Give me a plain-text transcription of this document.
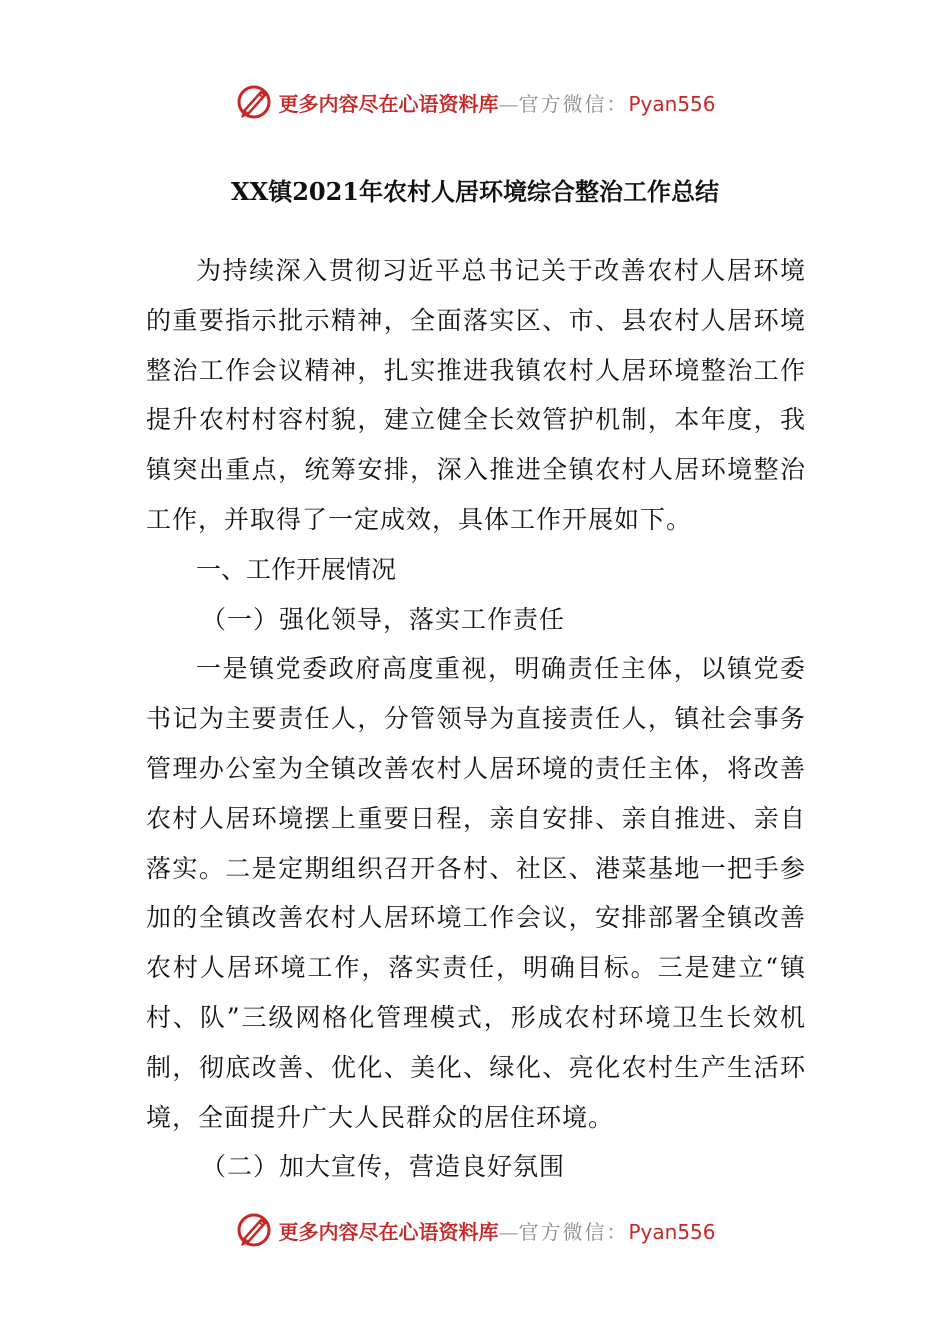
更多内容尽在心语资料库—官方微信：Pyan556
XX镇2021年农村人居环境综合整治工作总结

为持续深入贯彻习近平总书记关于改善农村人居环境的重要指示批示精神，全面落实区、市、县农村人居环境整治工作会议精神，扎实推进我镇农村人居环境整治工作提升农村村容村貌，建立健全长效管护机制，本年度，我镇突出重点，统筹安排，深入推进全镇农村人居环境整治工作，并取得了一定成效，具体工作开展如下。

一、工作开展情况
（一）强化领导，落实工作责任

一是镇党委政府高度重视，明确责任主体，以镇党委书记为主要责任人，分管领导为直接责任人，镇社会事务管理办公室为全镇改善农村人居环境的责任主体，将改善农村人居环境摆上重要日程，亲自安排、亲自推进、亲自落实。二是定期组织召开各村、社区、港菜基地一把手参加的全镇改善农村人居环境工作会议，安排部署全镇改善农村人居环境工作，落实责任，明确目标。三是建立“镇村、队”三级网格化管理模式，形成农村环境卫生长效机制，彻底改善、优化、美化、绿化、亮化农村生产生活环境，全面提升广大人民群众的居住环境。

（二）加大宣传，营造良好氛围
更多内容尽在心语资料库—官方微信：Pyan556
